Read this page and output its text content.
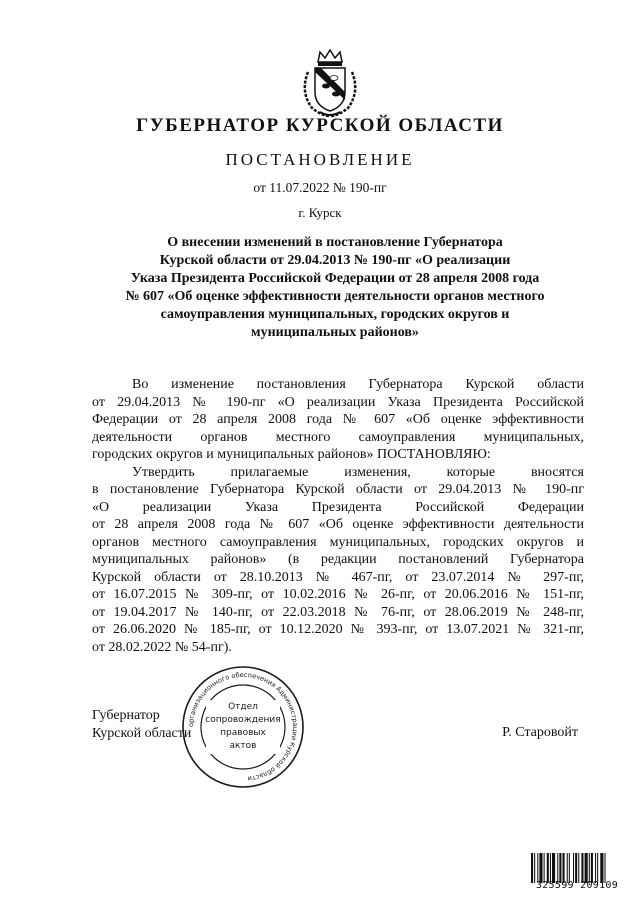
ГУБЕРНАТОР КУРСКОЙ ОБЛАСТИ
ПОСТАНОВЛЕНИЕ
от 11.07.2022 № 190-пг
г. Курск
О внесении изменений в постановление Губернатора
Курской области от 29.04.2013 № 190-пг «О реализации
Указа Президента Российской Федерации от 28 апреля 2008 года
№ 607 «Об оценке эффективности деятельности органов местного
самоуправления муниципальных, городских округов и
муниципальных районов»
Во изменение постановления Губернатора Курской области
от 29.04.2013 № 190-пг «О реализации Указа Президента Российской
Федерации от 28 апреля 2008 года № 607 «Об оценке эффективности
деятельности органов местного самоуправления муниципальных,
городских округов и муниципальных районов» ПОСТАНОВЛЯЮ:
Утвердить прилагаемые изменения, которые вносятся
в постановление Губернатора Курской области от 29.04.2013 № 190-пг
«О реализации Указа Президента Российской Федерации
от 28 апреля 2008 года № 607 «Об оценке эффективности деятельности
органов местного самоуправления муниципальных, городских округов и
муниципальных районов» (в редакции постановлений Губернатора
Курской области от 28.10.2013 № 467-пг, от 23.07.2014 № 297-пг,
от 16.07.2015 № 309-пг, от 10.02.2016 № 26-пг, от 20.06.2016 № 151-пг,
от 19.04.2017 № 140-пг, от 22.03.2018 № 76-пг, от 28.06.2019 № 248-пг,
от 26.06.2020 № 185-пг, от 10.12.2020 № 393-пг, от 13.07.2021 № 321-пг,
от 28.02.2022 № 54-пг).
Губернатор
Курской области	Р. Старовойт
организационного обеспечения Администрации Курской области
Отдел
сопровождения
правовых
актов
325599 209109
